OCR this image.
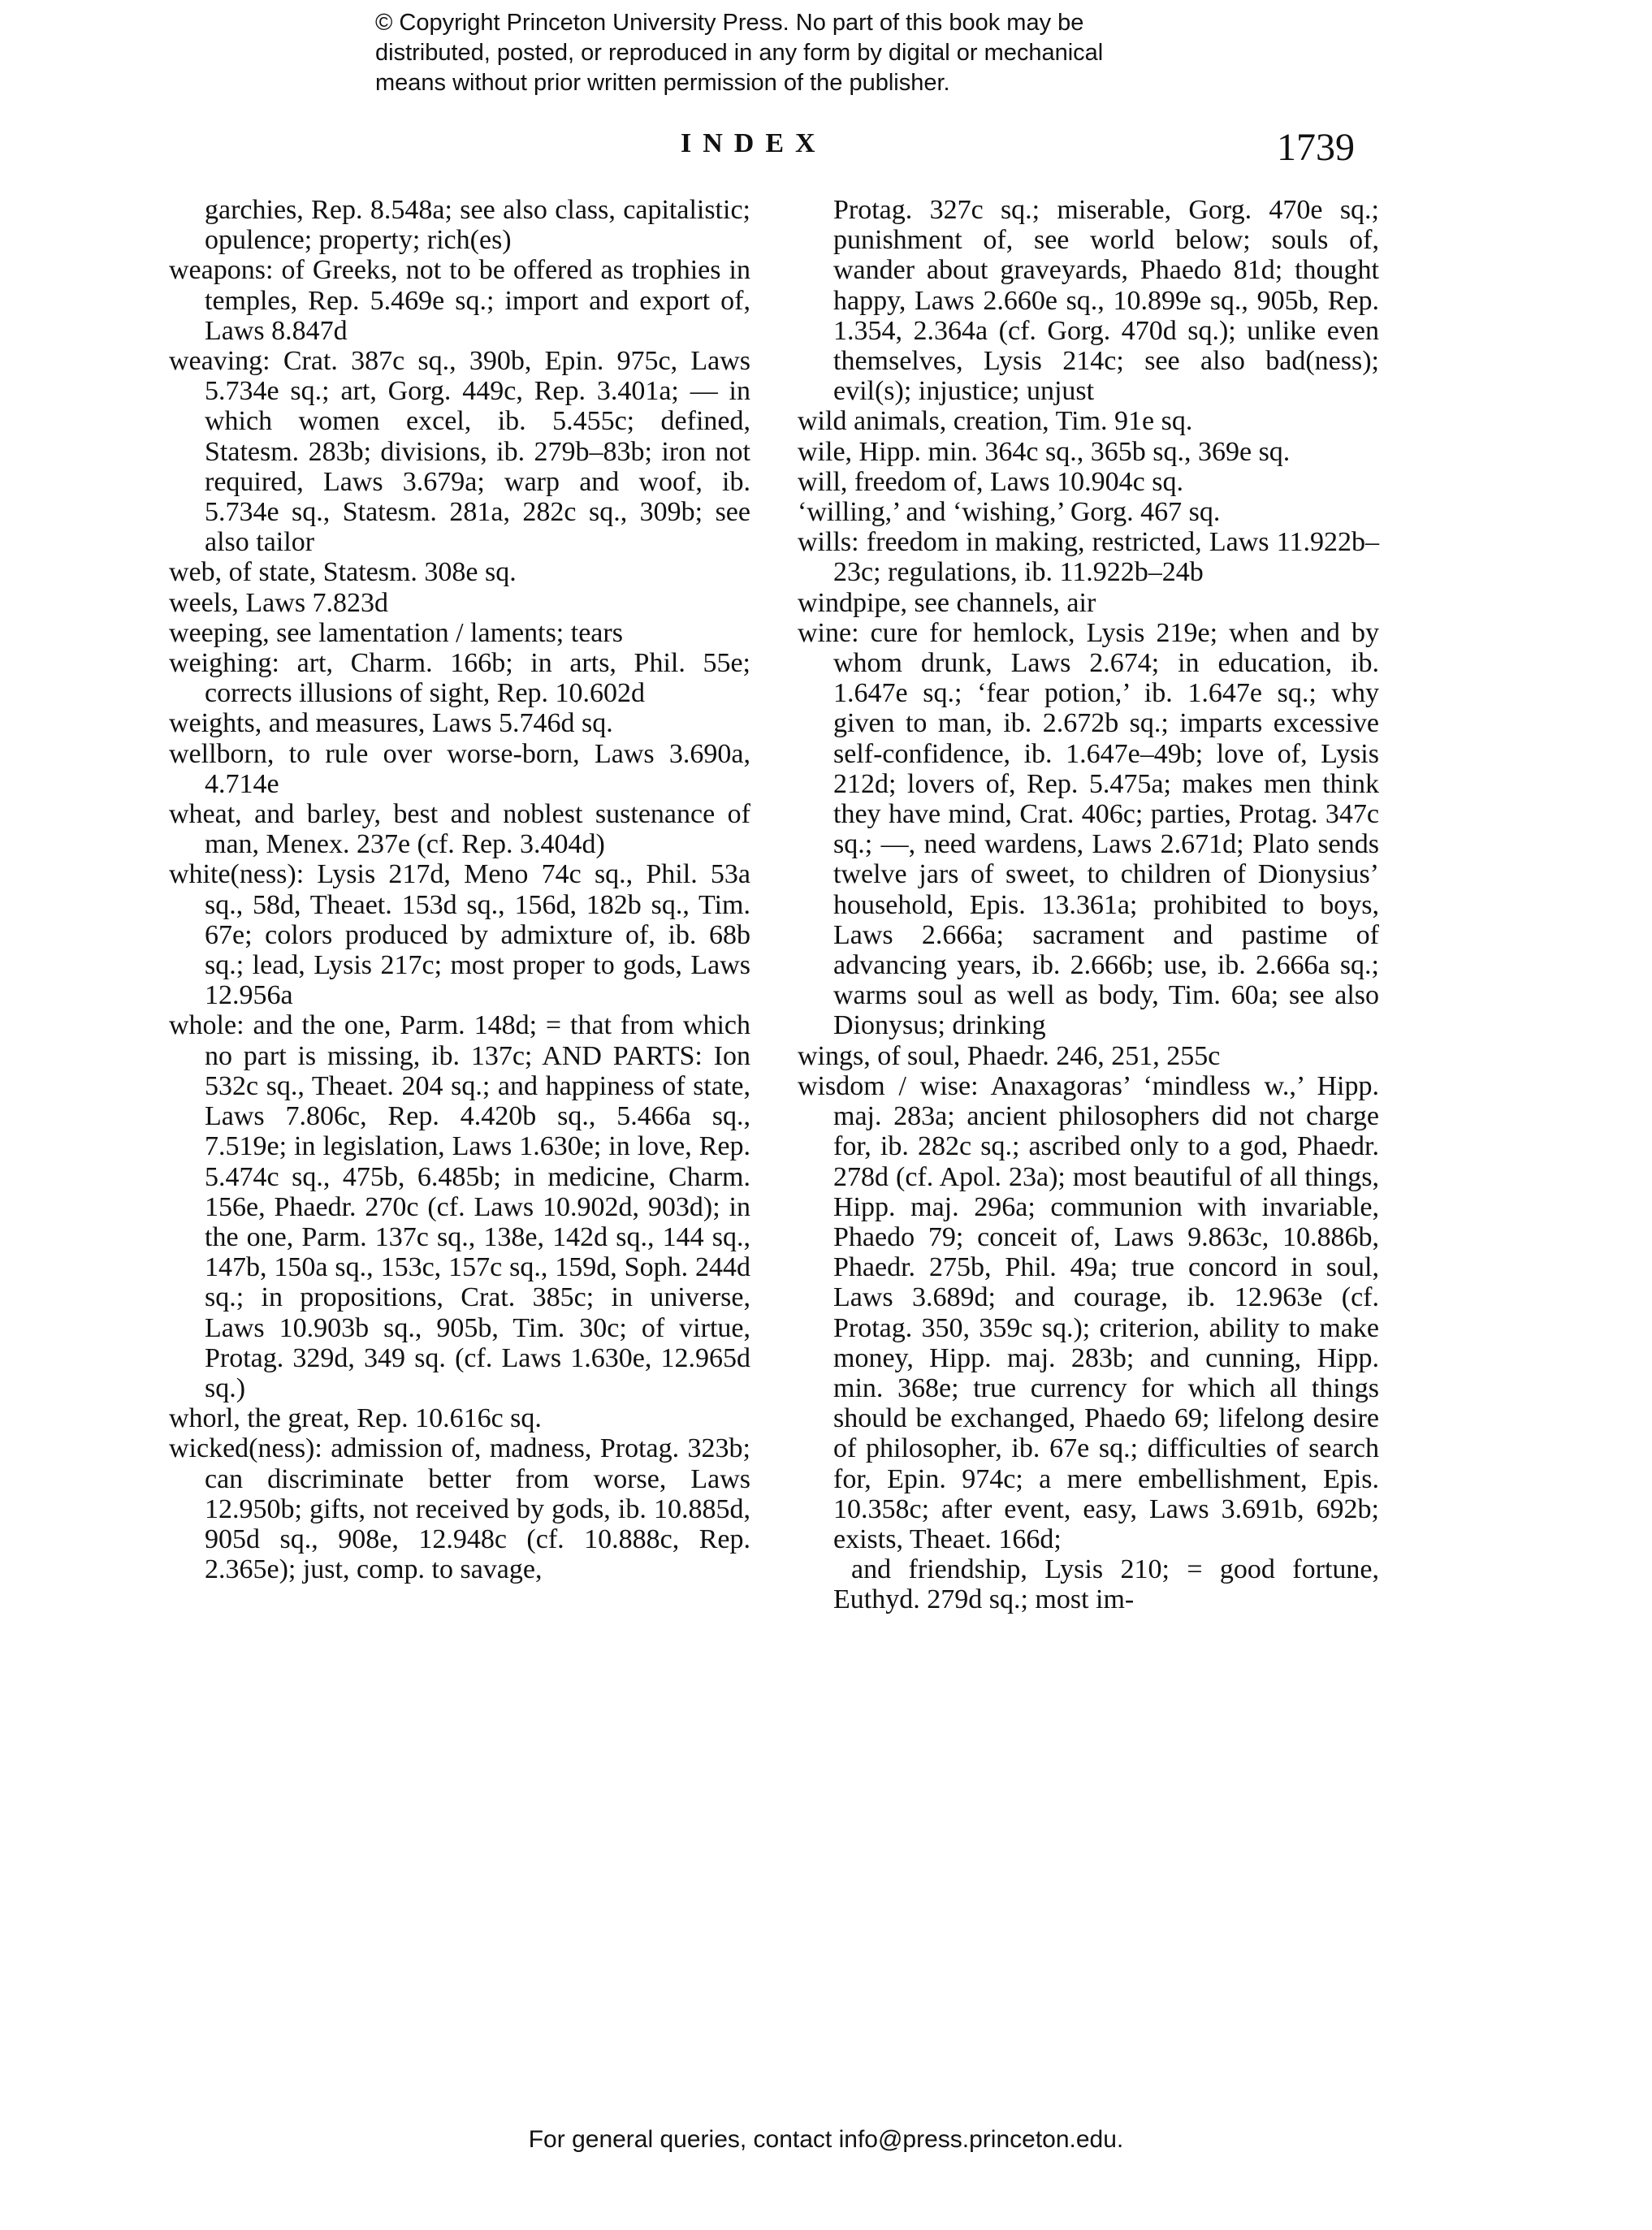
© Copyright Princeton University Press. No part of this book may be
distributed, posted, or reproduced in any form by digital or mechanical
means without prior written permission of the publisher.
INDEX	1739
garchies, Rep. 8.548a; see also class, capitalistic; opulence; property; rich(es)
weapons: of Greeks, not to be offered as trophies in temples, Rep. 5.469e sq.; import and export of, Laws 8.847d
weaving: Crat. 387c sq., 390b, Epin. 975c, Laws 5.734e sq.; art, Gorg. 449c, Rep. 3.401a; — in which women excel, ib. 5.455c; defined, Statesm. 283b; divisions, ib. 279b–83b; iron not required, Laws 3.679a; warp and woof, ib. 5.734e sq., Statesm. 281a, 282c sq., 309b; see also tailor
web, of state, Statesm. 308e sq.
weels, Laws 7.823d
weeping, see lamentation / laments; tears
weighing: art, Charm. 166b; in arts, Phil. 55e; corrects illusions of sight, Rep. 10.602d
weights, and measures, Laws 5.746d sq.
wellborn, to rule over worse-born, Laws 3.690a, 4.714e
wheat, and barley, best and noblest sustenance of man, Menex. 237e (cf. Rep. 3.404d)
white(ness): Lysis 217d, Meno 74c sq., Phil. 53a sq., 58d, Theaet. 153d sq., 156d, 182b sq., Tim. 67e; colors produced by admixture of, ib. 68b sq.; lead, Lysis 217c; most proper to gods, Laws 12.956a
whole: and the one, Parm. 148d; = that from which no part is missing, ib. 137c; AND PARTS: Ion 532c sq., Theaet. 204 sq.; and happiness of state, Laws 7.806c, Rep. 4.420b sq., 5.466a sq., 7.519e; in legislation, Laws 1.630e; in love, Rep. 5.474c sq., 475b, 6.485b; in medicine, Charm. 156e, Phaedr. 270c (cf. Laws 10.902d, 903d); in the one, Parm. 137c sq., 138e, 142d sq., 144 sq., 147b, 150a sq., 153c, 157c sq., 159d, Soph. 244d sq.; in propositions, Crat. 385c; in universe, Laws 10.903b sq., 905b, Tim. 30c; of virtue, Protag. 329d, 349 sq. (cf. Laws 1.630e, 12.965d sq.)
whorl, the great, Rep. 10.616c sq.
wicked(ness): admission of, madness, Protag. 323b; can discriminate better from worse, Laws 12.950b; gifts, not received by gods, ib. 10.885d, 905d sq., 908e, 12.948c (cf. 10.888c, Rep. 2.365e); just, comp. to savage,
Protag. 327c sq.; miserable, Gorg. 470e sq.; punishment of, see world below; souls of, wander about graveyards, Phaedo 81d; thought happy, Laws 2.660e sq., 10.899e sq., 905b, Rep. 1.354, 2.364a (cf. Gorg. 470d sq.); unlike even themselves, Lysis 214c; see also bad(ness); evil(s); injustice; unjust
wild animals, creation, Tim. 91e sq.
wile, Hipp. min. 364c sq., 365b sq., 369e sq.
will, freedom of, Laws 10.904c sq.
‘willing,’ and ‘wishing,’ Gorg. 467 sq.
wills: freedom in making, restricted, Laws 11.922b–23c; regulations, ib. 11.922b–24b
windpipe, see channels, air
wine: cure for hemlock, Lysis 219e; when and by whom drunk, Laws 2.674; in education, ib. 1.647e sq.; ‘fear potion,’ ib. 1.647e sq.; why given to man, ib. 2.672b sq.; imparts excessive self-confidence, ib. 1.647e–49b; love of, Lysis 212d; lovers of, Rep. 5.475a; makes men think they have mind, Crat. 406c; parties, Protag. 347c sq.; —, need wardens, Laws 2.671d; Plato sends twelve jars of sweet, to children of Dionysius’ household, Epis. 13.361a; prohibited to boys, Laws 2.666a; sacrament and pastime of advancing years, ib. 2.666b; use, ib. 2.666a sq.; warms soul as well as body, Tim. 60a; see also Dionysus; drinking
wings, of soul, Phaedr. 246, 251, 255c
wisdom / wise: Anaxagoras’ ‘mindless w.,’ Hipp. maj. 283a; ancient philosophers did not charge for, ib. 282c sq.; ascribed only to a god, Phaedr. 278d (cf. Apol. 23a); most beautiful of all things, Hipp. maj. 296a; communion with invariable, Phaedo 79; conceit of, Laws 9.863c, 10.886b, Phaedr. 275b, Phil. 49a; true concord in soul, Laws 3.689d; and courage, ib. 12.963e (cf. Protag. 350, 359c sq.); criterion, ability to make money, Hipp. maj. 283b; and cunning, Hipp. min. 368e; true currency for which all things should be exchanged, Phaedo 69; lifelong desire of philosopher, ib. 67e sq.; difficulties of search for, Epin. 974c; a mere embellishment, Epis. 10.358c; after event, easy, Laws 3.691b, 692b; exists, Theaet. 166d;
and friendship, Lysis 210; = good fortune, Euthyd. 279d sq.; most im-
For general queries, contact info@press.princeton.edu.
